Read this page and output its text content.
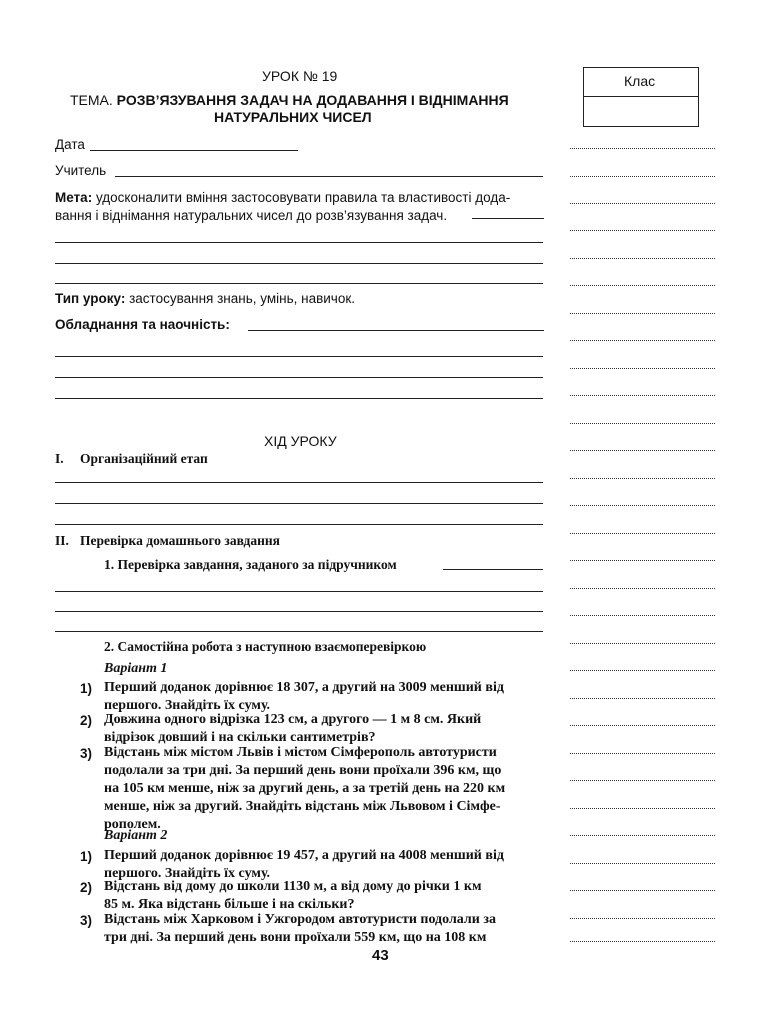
УРОК № 19
ТЕМА. РОЗВ’ЯЗУВАННЯ ЗАДАЧ НА ДОДАВАННЯ І ВІДНІМАННЯ
НАТУРАЛЬНИХ ЧИСЕЛ
Клас
Дата
Учитель
Мета: удосконалити вміння застосовувати правила та властивості дода-
вання і віднімання натуральних чисел до розв’язування задач.
Тип уроку: застосування знань, умінь, навичок.
Обладнання та наочність:
ХІД УРОКУ
I. Організаційний етап
II. Перевірка домашнього завдання
1. Перевірка завдання, заданого за підручником
2. Самостійна робота з наступною взаємоперевіркою
Варіант 1
1) Перший доданок дорівнює 18 307, а другий на 3009 менший від
першого. Знайдіть їх суму.
2) Довжина одного відрізка 123 см, а другого — 1 м 8 см. Який
відрізок довший і на скільки сантиметрів?
3) Відстань між містом Львів і містом Сімферополь автотуристи
подолали за три дні. За перший день вони проїхали 396 км, що
на 105 км менше, ніж за другий день, а за третій день на 220 км
менше, ніж за другий. Знайдіть відстань між Львовом і Сімфе-
рополем.
Варіант 2
1) Перший доданок дорівнює 19 457, а другий на 4008 менший від
першого. Знайдіть їх суму.
2) Відстань від дому до школи 1130 м, а від дому до річки 1 км
85 м. Яка відстань більше і на скільки?
3) Відстань між Харковом і Ужгородом автотуристи подолали за
три дні. За перший день вони проїхали 559 км, що на 108 км
43
